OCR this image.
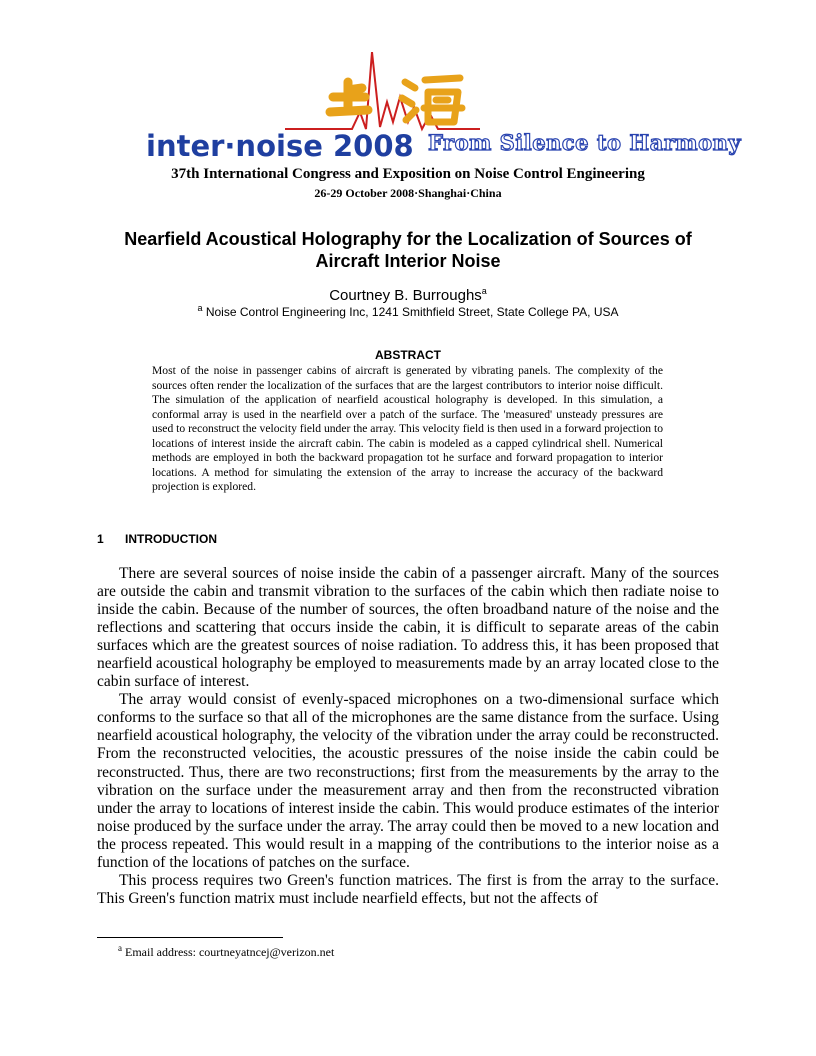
inter·noise 2008 From Silence to Harmony
37th International Congress and Exposition on Noise Control Engineering
26-29 October 2008·Shanghai·China
Nearfield Acoustical Holography for the Localization of Sources of Aircraft Interior Noise
Courtney B. Burroughs$^a$
$^a$ Noise Control Engineering Inc, 1241 Smithfield Street, State College PA, USA
ABSTRACT
Most of the noise in passenger cabins of aircraft is generated by vibrating panels. The complexity of the sources often render the localization of the surfaces that are the largest contributors to interior noise difficult. The simulation of the application of nearfield acoustical holography is developed. In this simulation, a conformal array is used in the nearfield over a patch of the surface. The 'measured' unsteady pressures are used to reconstruct the velocity field under the array. This velocity field is then used in a forward projection to locations of interest inside the aircraft cabin. The cabin is modeled as a capped cylindrical shell. Numerical methods are employed in both the backward propagation tot he surface and forward propagation to interior locations. A method for simulating the extension of the array to increase the accuracy of the backward projection is explored.
1 INTRODUCTION

There are several sources of noise inside the cabin of a passenger aircraft. Many of the sources are outside the cabin and transmit vibration to the surfaces of the cabin which then radiate noise to inside the cabin. Because of the number of sources, the often broadband nature of the noise and the reflections and scattering that occurs inside the cabin, it is difficult to separate areas of the cabin surfaces which are the greatest sources of noise radiation. To address this, it has been proposed that nearfield acoustical holography be employed to measurements made by an array located close to the cabin surface of interest.

The array would consist of evenly-spaced microphones on a two-dimensional surface which conforms to the surface so that all of the microphones are the same distance from the surface. Using nearfield acoustical holography, the velocity of the vibration under the array could be reconstructed. From the reconstructed velocities, the acoustic pressures of the noise inside the cabin could be reconstructed. Thus, there are two reconstructions; first from the measurements by the array to the vibration on the surface under the measurement array and then from the reconstructed vibration under the array to locations of interest inside the cabin. This would produce estimates of the interior noise produced by the surface under the array. The array could then be moved to a new location and the process repeated. This would result in a mapping of the contributions to the interior noise as a function of the locations of patches on the surface.

This process requires two Green's function matrices. The first is from the array to the surface. This Green's function matrix must include nearfield effects, but not the affects of

$^a$ Email address: courtneyatncej@verizon.net
